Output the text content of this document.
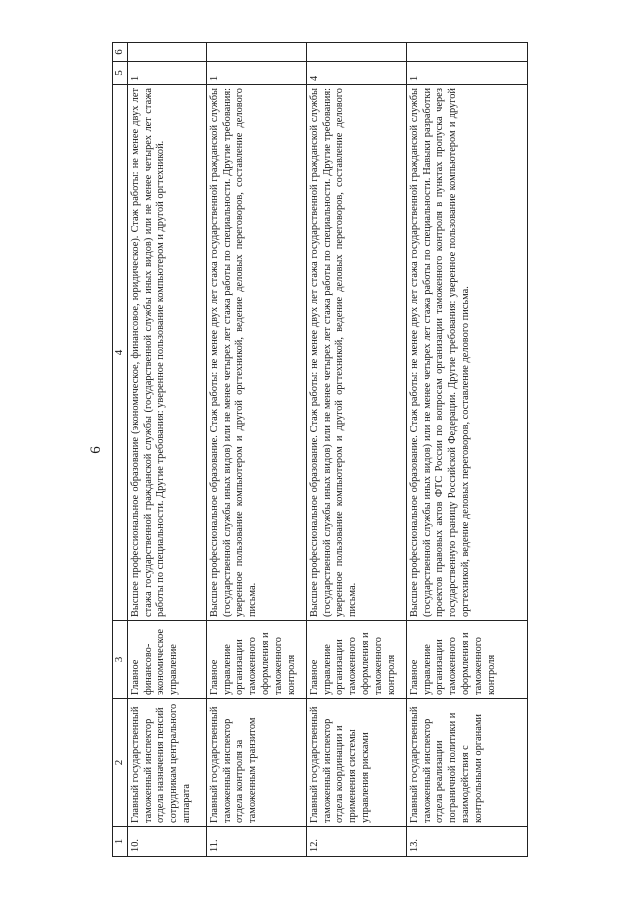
6
1	2	3	4	5	6
10.	Главный государственный таможенный инспектор отдела назначения пенсий сотрудникам центрального аппарата	Главное финансово-экономическое управление	Высшее профессиональное образование (экономическое, финансовое, юридическое). Стаж работы: не менее двух лет стажа государственной гражданской службы (государственной службы иных видов) или не менее четырех лет стажа работы по специальности. Другие требования: уверенное пользование компьютером и другой оргтехникой.	1	
11.	Главный государственный таможенный инспектор отдела контроля за таможенным транзитом	Главное управление организации таможенного оформления и таможенного контроля	Высшее профессиональное образование. Стаж работы: не менее двух лет стажа государственной гражданской службы (государственной службы иных видов) или не менее четырех лет стажа работы по специальности. Другие требования: уверенное пользование компьютером и другой оргтехникой, ведение деловых переговоров, составление делового письма.	1	
12.	Главный государственный таможенный инспектор отдела координации и применения системы управления рисками	Главное управление организации таможенного оформления и таможенного контроля	Высшее профессиональное образование. Стаж работы: не менее двух лет стажа государственной гражданской службы (государственной службы иных видов) или не менее четырех лет стажа работы по специальности. Другие требования: уверенное пользование компьютером и другой оргтехникой, ведение деловых переговоров, составление делового письма.	4	
13.	Главный государственный таможенный инспектор отдела реализации пограничной политики и взаимодействия с контрольными органами	Главное управление организации таможенного оформления и таможенного контроля	Высшее профессиональное образование. Стаж работы: не менее двух лет стажа государственной гражданской службы (государственной службы иных видов) или не менее четырех лет стажа работы по специальности. Навыки разработки проектов правовых актов ФТС России по вопросам организации таможенного контроля в пунктах пропуска через государственную границу Российской Федерации. Другие требования: уверенное пользование компьютером и другой оргтехникой, ведение деловых переговоров, составление делового письма.	1	
